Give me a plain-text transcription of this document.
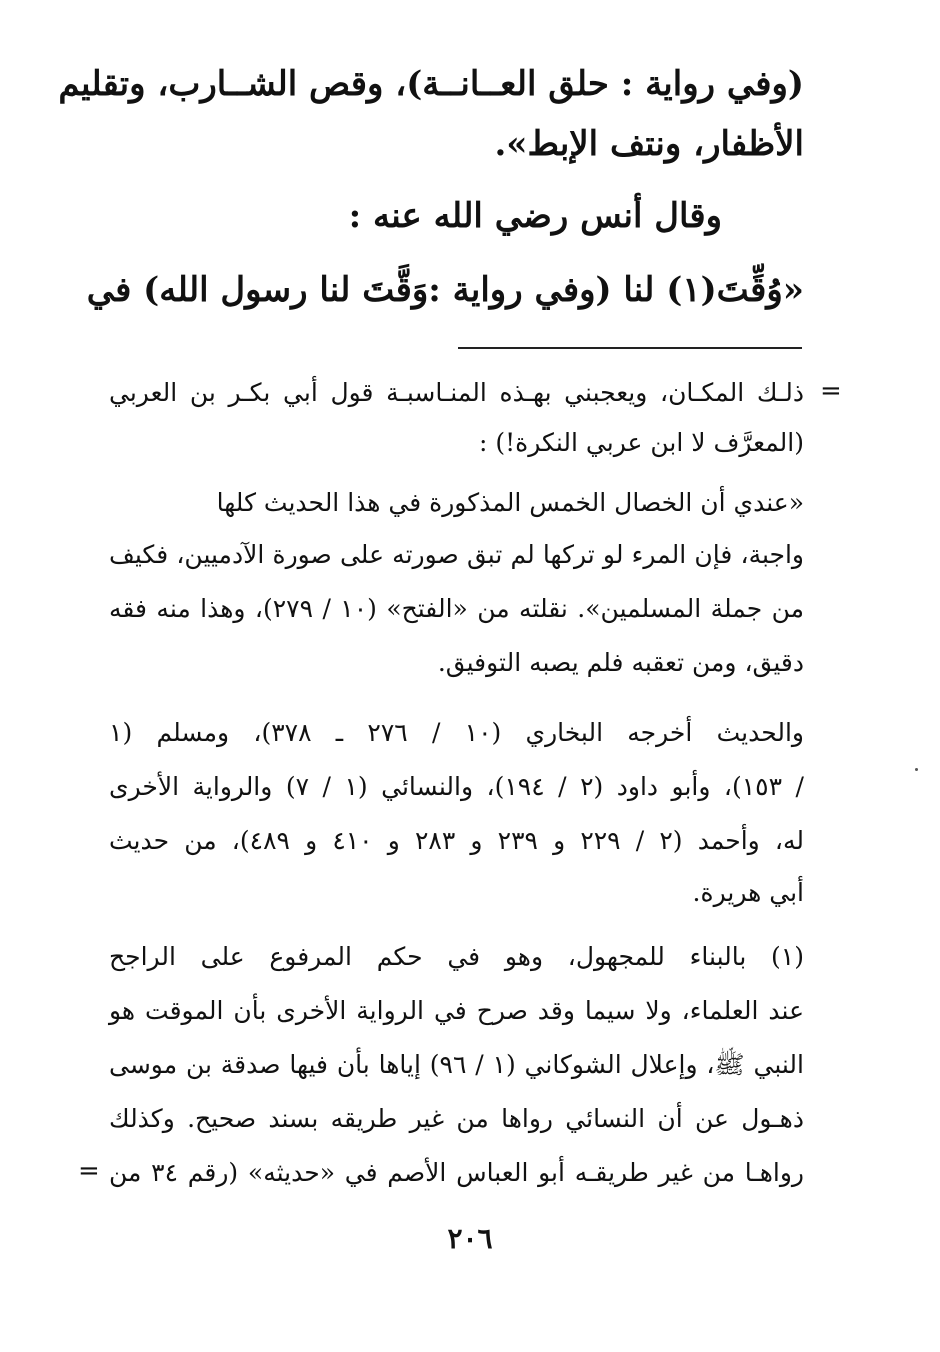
(وفي رواية : حلق العــانــة)، وقص الشــارب، وتقليم

الأظفار، ونتف الإبط».

وقال أنس رضي الله عنه :

«وُقِّتَ(١) لنا (وفي رواية :وَقَّتَ لنا رسول الله) في

=

ذلـك المكـان، ويعجبني بهـذه المنـاسبـة قول أبي بكـر بن العربي

(المعرَّف لا ابن عربي النكرة!) :

«عندي أن الخصال الخمس المذكورة في هذا الحديث كلها

واجبة، فإن المرء لو تركها لم تبق صورته على صورة الآدميين، فكيف

من جملة المسلمين». نقلته من «الفتح» (١٠ / ٢٧٩)، وهذا منه فقه

دقيق، ومن تعقبه فلم يصبه التوفيق.

والحديث أخرجه البخاري (١٠ / ٢٧٦ ـ ٣٧٨)، ومسلم (١

/ ١٥٣)، وأبو داود (٢ / ١٩٤)، والنسائي (١ / ٧) والرواية الأخرى

له، وأحمد (٢ / ٢٢٩ و ٢٣٩ و ٢٨٣ و ٤١٠ و ٤٨٩)، من حديث

أبي هريرة.

(١) بالبناء للمجهول، وهو في حكم المرفوع على الراجح

عند العلماء، ولا سيما وقد صرح في الرواية الأخرى بأن الموقت هو

النبي ﷺ، وإعلال الشوكاني (١ / ٩٦) إياها بأن فيها صدقة بن موسى

ذهـول عن أن النسائي رواها من غير طريقه بسند صحيح. وكذلك

رواهـا من غير طريقـه أبو العباس الأصم في «حديثه» (رقم ٣٤ من

=
٢٠٦
